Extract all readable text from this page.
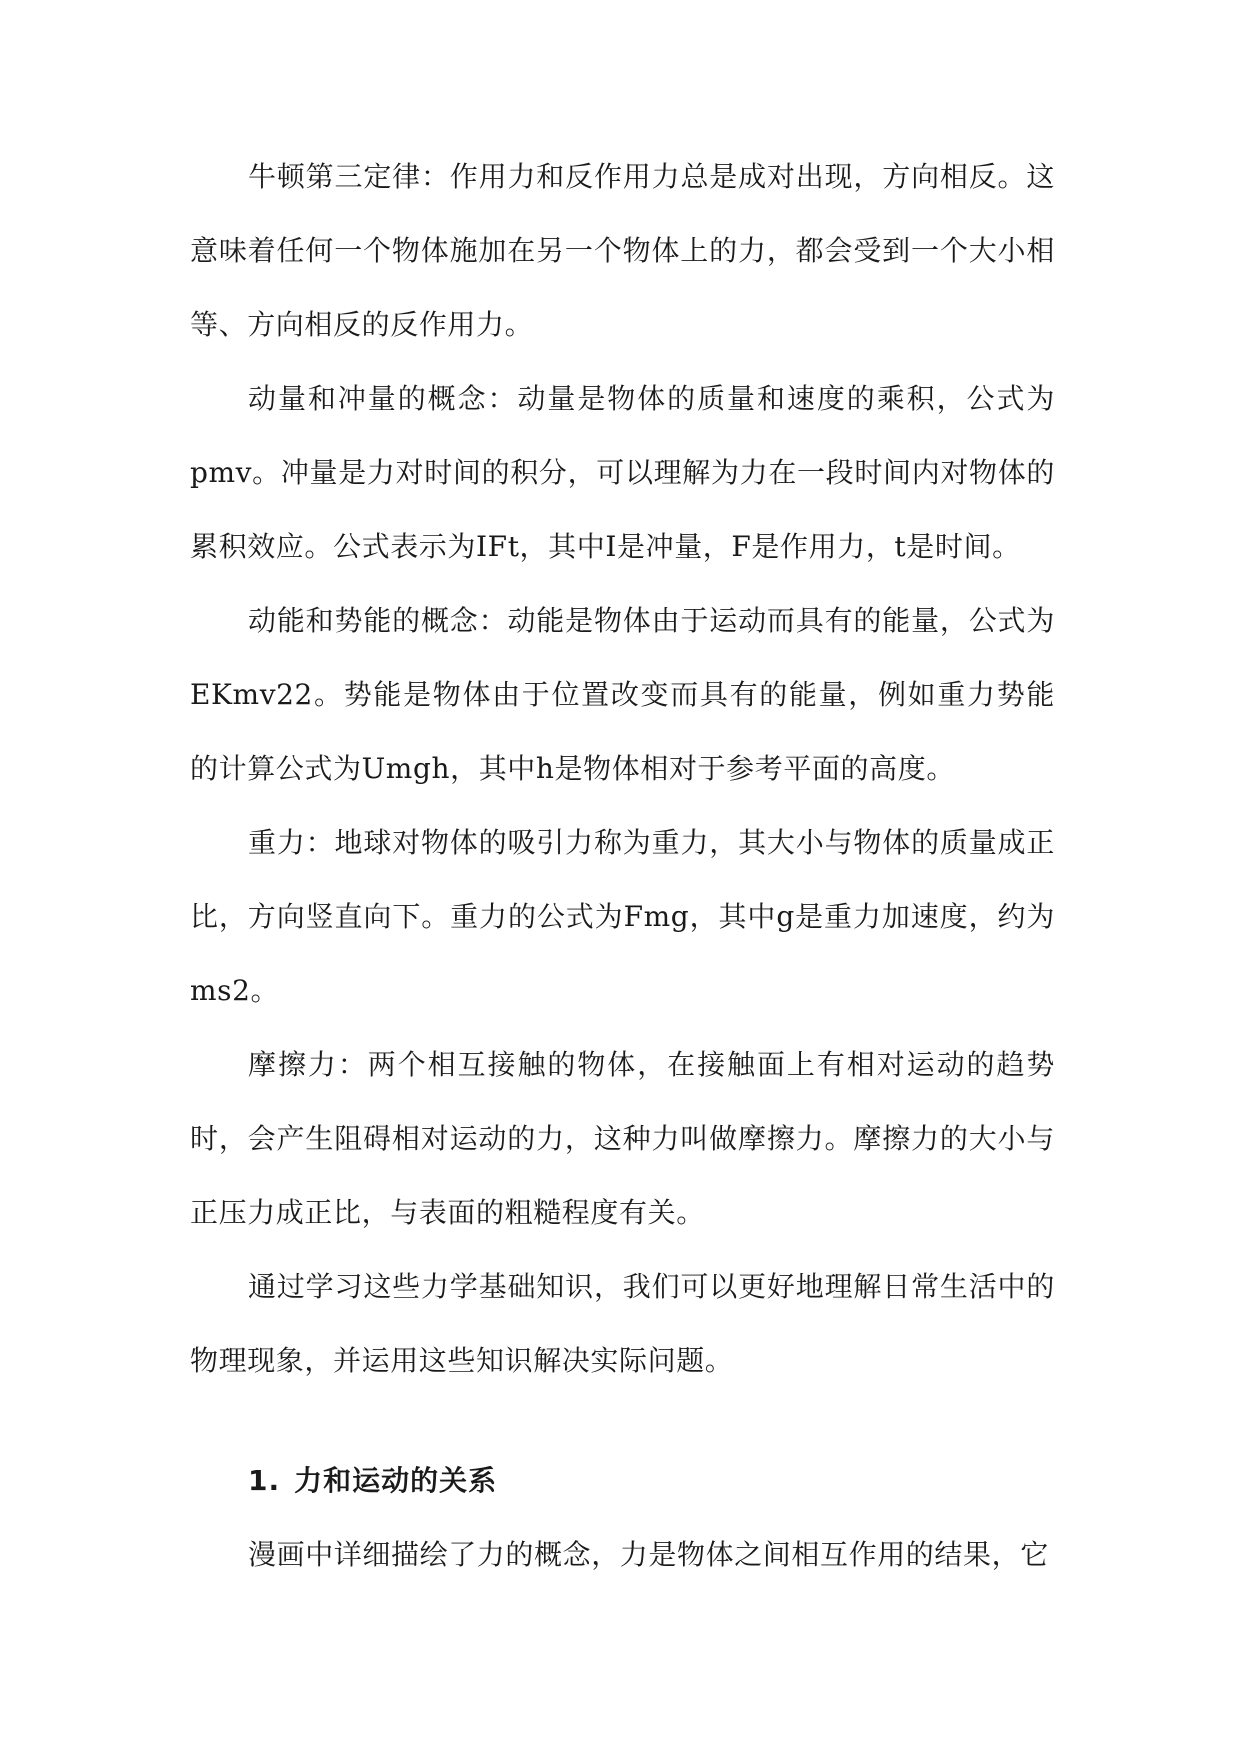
牛顿第三定律：作用力和反作用力总是成对出现，方向相反。这意味着任何一个物体施加在另一个物体上的力，都会受到一个大小相等、方向相反的反作用力。

动量和冲量的概念：动量是物体的质量和速度的乘积，公式为pmv。冲量是力对时间的积分，可以理解为力在一段时间内对物体的累积效应。公式表示为IFt，其中I是冲量，F是作用力，t是时间。

动能和势能的概念：动能是物体由于运动而具有的能量，公式为EKmv22。势能是物体由于位置改变而具有的能量，例如重力势能的计算公式为Umgh，其中h是物体相对于参考平面的高度。

重力：地球对物体的吸引力称为重力，其大小与物体的质量成正比，方向竖直向下。重力的公式为Fmg，其中g是重力加速度，约为ms2。

摩擦力：两个相互接触的物体，在接触面上有相对运动的趋势时，会产生阻碍相对运动的力，这种力叫做摩擦力。摩擦力的大小与正压力成正比，与表面的粗糙程度有关。

通过学习这些力学基础知识，我们可以更好地理解日常生活中的物理现象，并运用这些知识解决实际问题。

1. 力和运动的关系

漫画中详细描绘了力的概念，力是物体之间相互作用的结果，它
